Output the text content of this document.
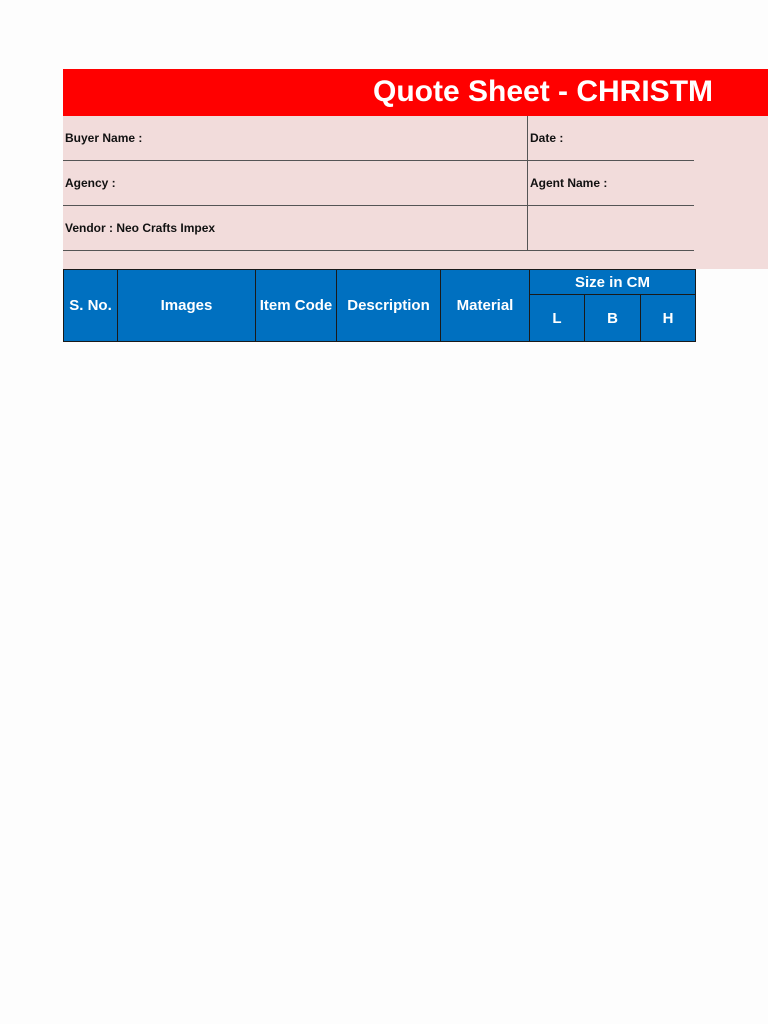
Quote Sheet - CHRISTM
Buyer Name :	Date :
Agency :	Agent Name :
Vendor : Neo Crafts Impex	
S. No.	Images	Item Code	Description	Material	Size in CM		
					L	B	H
